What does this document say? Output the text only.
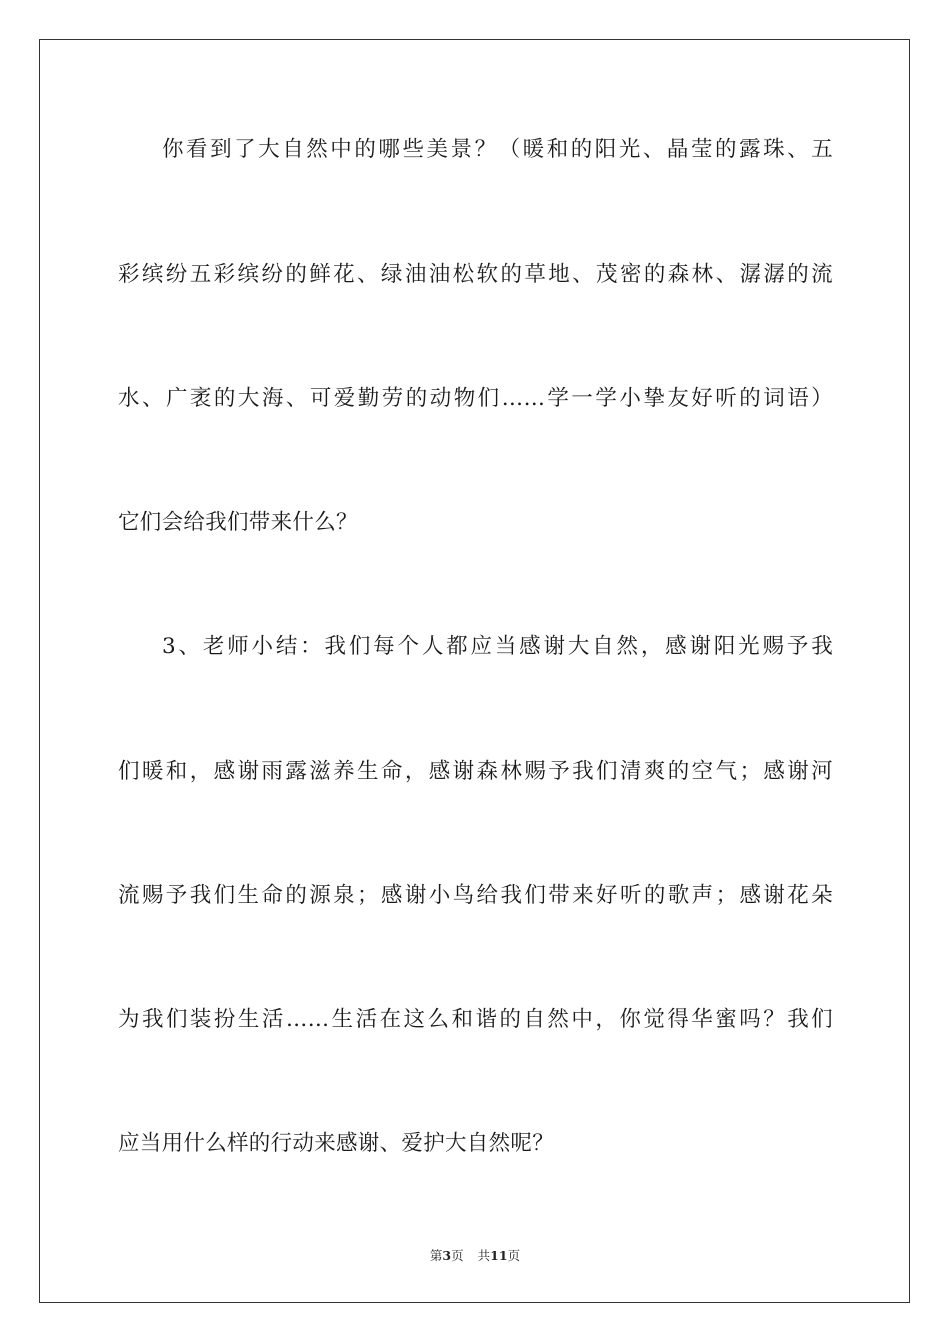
你看到了大自然中的哪些美景？（暖和的阳光、晶莹的露珠、五
彩缤纷五彩缤纷的鲜花、绿油油松软的草地、茂密的森林、潺潺的流
水、广袤的大海、可爱勤劳的动物们……学一学小挚友好听的词语）
它们会给我们带来什么？
3、老师小结：我们每个人都应当感谢大自然，感谢阳光赐予我
们暖和，感谢雨露滋养生命，感谢森林赐予我们清爽的空气；感谢河
流赐予我们生命的源泉；感谢小鸟给我们带来好听的歌声；感谢花朵
为我们装扮生活……生活在这么和谐的自然中，你觉得华蜜吗？我们
应当用什么样的行动来感谢、爱护大自然呢？
第3页 共11页
